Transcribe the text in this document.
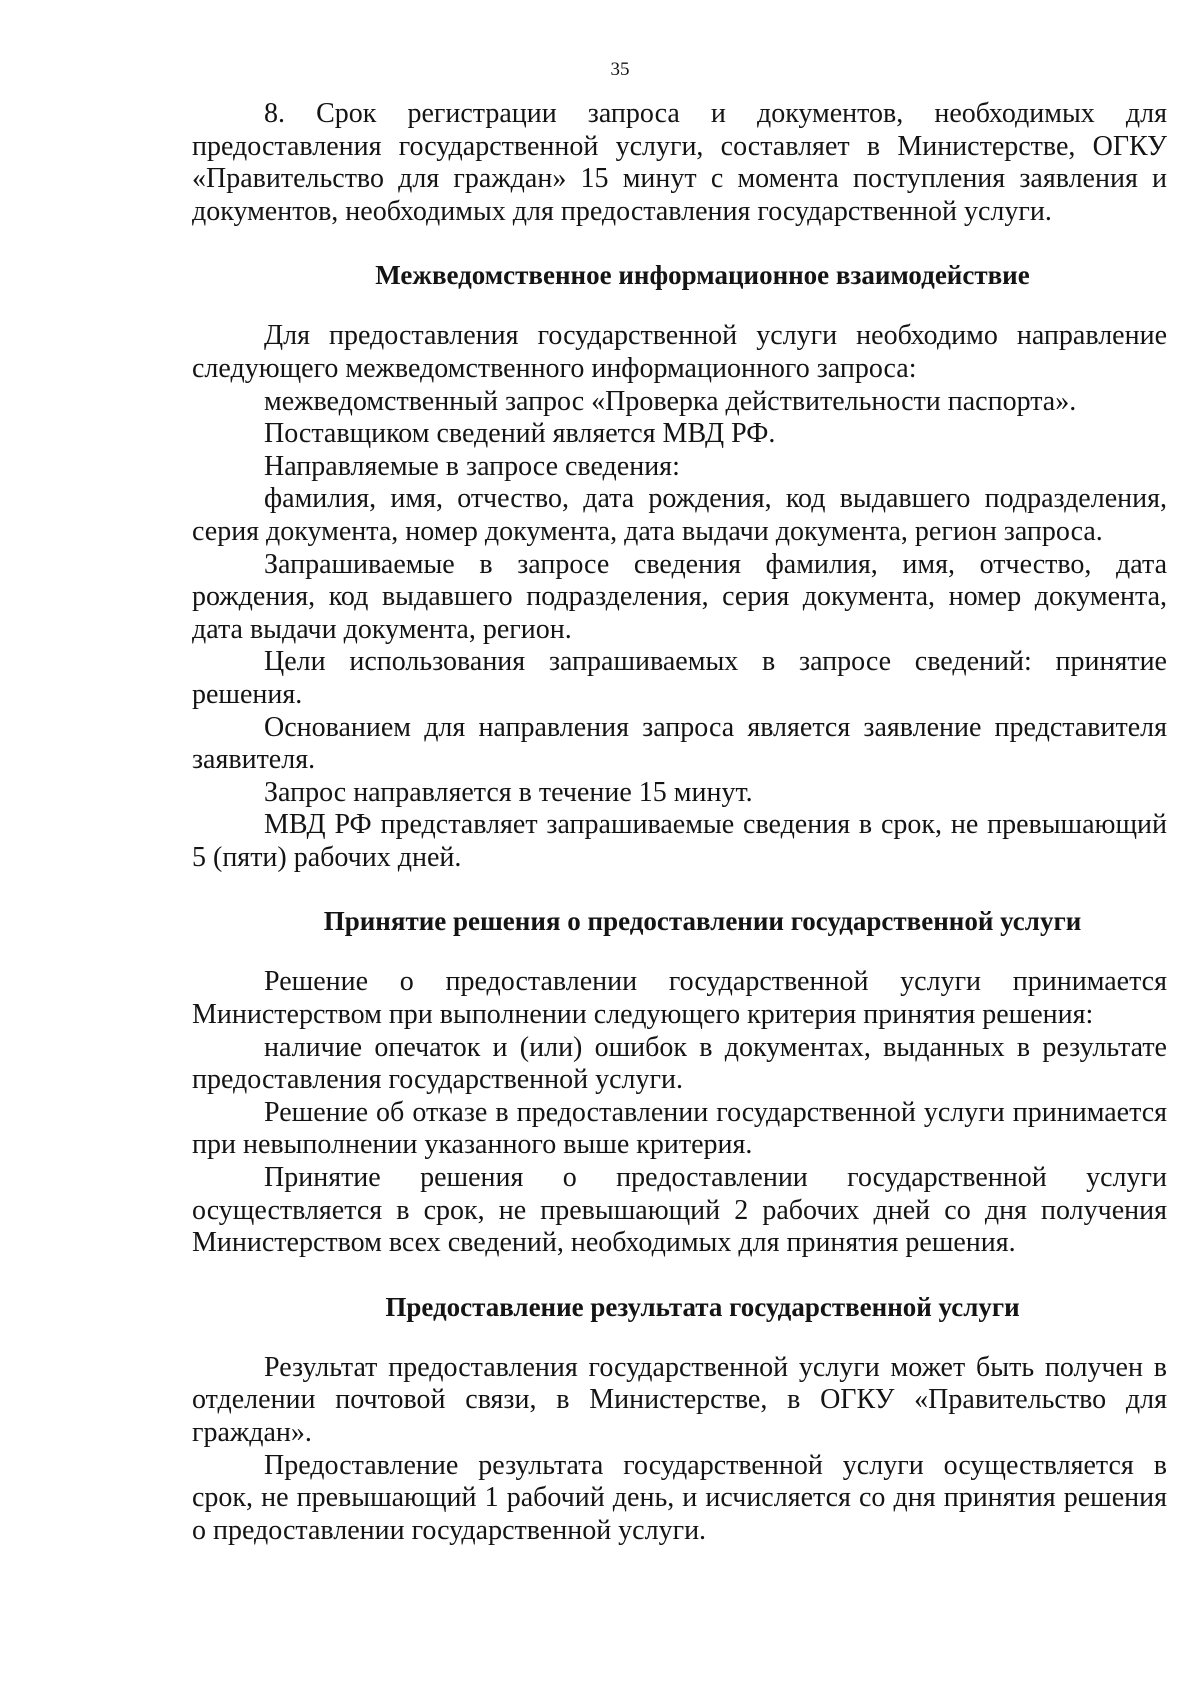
35

8. Срок регистрации запроса и документов, необходимых для предоставления государственной услуги, составляет в Министерстве, ОГКУ «Правительство для граждан» 15 минут с момента поступления заявления и документов, необходимых для предоставления государственной услуги.

Межведомственное информационное взаимодействие

Для предоставления государственной услуги необходимо направление следующего межведомственного информационного запроса:

межведомственный запрос «Проверка действительности паспорта».

Поставщиком сведений является МВД РФ.

Направляемые в запросе сведения:

фамилия, имя, отчество, дата рождения, код выдавшего подразделения, серия документа, номер документа, дата выдачи документа, регион запроса.

Запрашиваемые в запросе сведения фамилия, имя, отчество, дата рождения, код выдавшего подразделения, серия документа, номер документа, дата выдачи документа, регион.

Цели использования запрашиваемых в запросе сведений: принятие решения.

Основанием для направления запроса является заявление представителя заявителя.

Запрос направляется в течение 15 минут.

МВД РФ представляет запрашиваемые сведения в срок, не превышающий 5 (пяти) рабочих дней.

Принятие решения о предоставлении государственной услуги

Решение о предоставлении государственной услуги принимается Министерством при выполнении следующего критерия принятия решения:

наличие опечаток и (или) ошибок в документах, выданных в результате предоставления государственной услуги.

Решение об отказе в предоставлении государственной услуги принимается при невыполнении указанного выше критерия.

Принятие решения о предоставлении государственной услуги осуществляется в срок, не превышающий 2 рабочих дней со дня получения Министерством всех сведений, необходимых для принятия решения.

Предоставление результата государственной услуги

Результат предоставления государственной услуги может быть получен в отделении почтовой связи, в Министерстве, в ОГКУ «Правительство для граждан».

Предоставление результата государственной услуги осуществляется в срок, не превышающий 1 рабочий день, и исчисляется со дня принятия решения о предоставлении государственной услуги.
